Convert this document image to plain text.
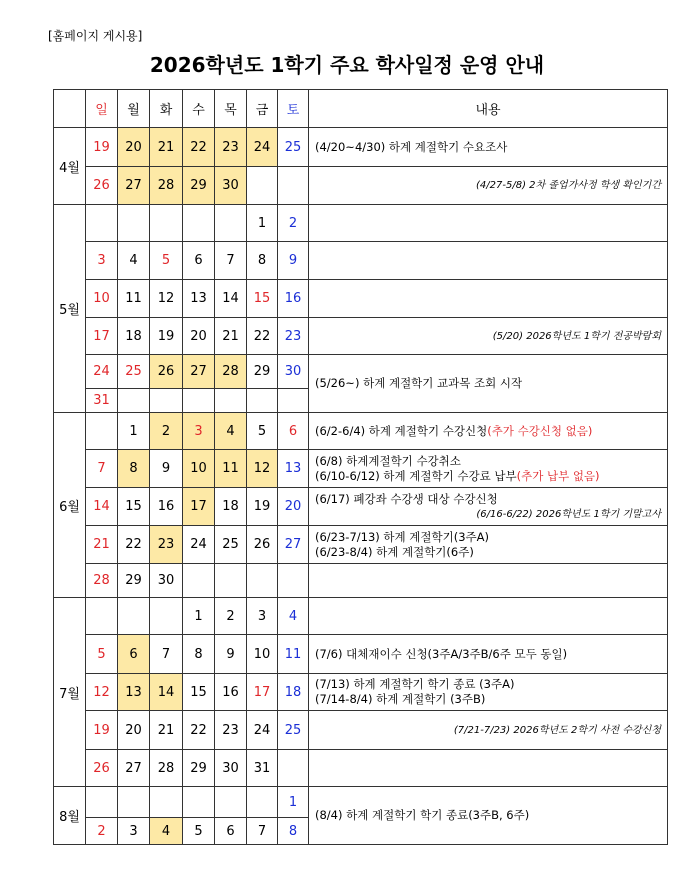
[홈페이지 게시용]
2026학년도 1학기 주요 학사일정 운영 안내
	일	월	화	수	목	금	토	내용
4월	19	20	21	22	23	24	25	(4/20~4/30) 하계 계절학기 수요조사

	26	27	28	29	30			(4/27-5/8) 2차 졸업가사정 학생 확인기간

5월						1	2	
	3	4	5	6	7	8	9	
	10	11	12	13	14	15	16	
	17	18	19	20	21	22	23	(5/20) 2026학년도 1학기 전공박람회

	24	25	26	27	28	29	30	(5/26~) 하계 계절학기 교과목 조회 시작

	31							
6월		1	2	3	4	5	6	(6/2-6/4) 하계 계절학기 수강신청(추가 수강신청 없음)

	7	8	9	10	11	12	13	(6/8) 하계계절학기 수강취소
(6/10-6/12) 하계 계절학기 수강료 납부(추가 납부 없음)

	14	15	16	17	18	19	20	(6/17) 폐강좌 수강생 대상 수강신청
(6/16-6/22) 2026학년도 1학기 기말고사

	21	22	23	24	25	26	27	(6/23-7/13) 하계 계절학기(3주A)
(6/23-8/4) 하계 계절학기(6주)

	28	29	30					
7월				1	2	3	4	
	5	6	7	8	9	10	11	(7/6) 대체재이수 신청(3주A/3주B/6주 모두 동일)

	12	13	14	15	16	17	18	(7/13) 하계 계절학기 학기 종료 (3주A)
(7/14-8/4) 하계 계절학기 (3주B)

	19	20	21	22	23	24	25	(7/21-7/23) 2026학년도 2학기 사전 수강신청

	26	27	28	29	30	31		
8월							1	(8/4) 하계 계절학기 학기 종료(3주B, 6주)

	2	3	4	5	6	7	8	
